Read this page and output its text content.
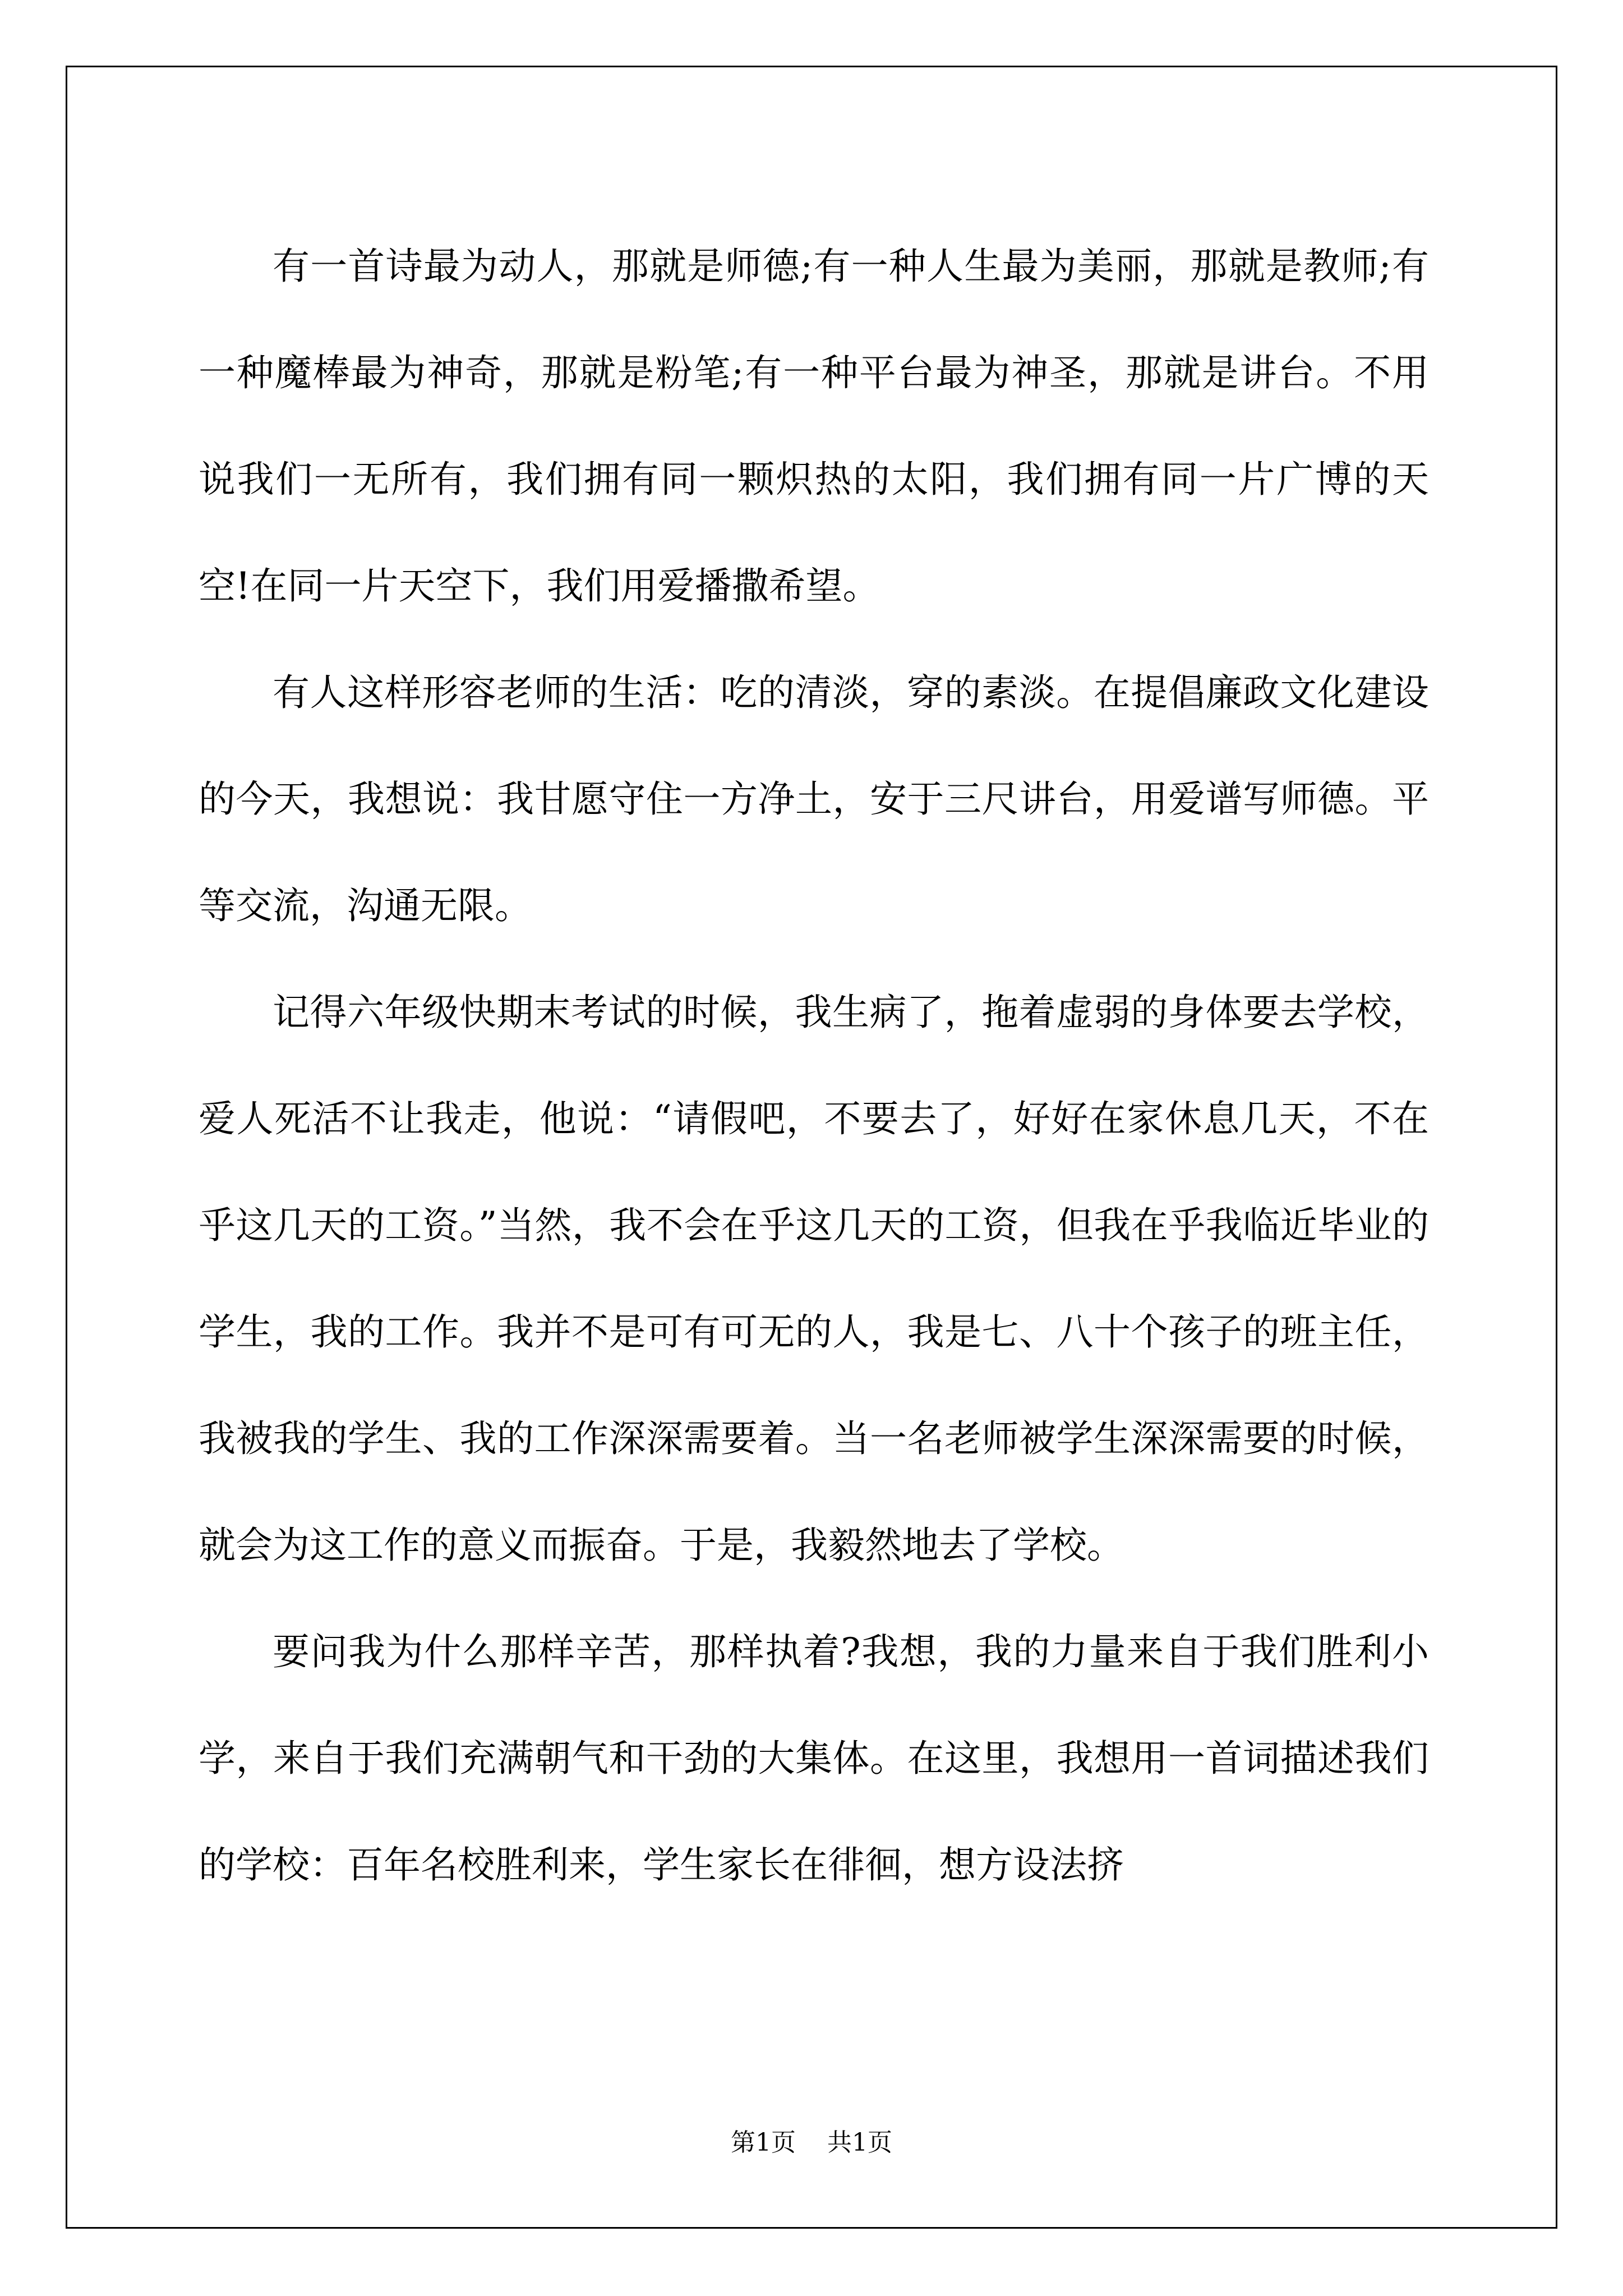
有一首诗最为动人，那就是师德;有一种人生最为美丽，那就是教师;有一种魔棒最为神奇，那就是粉笔;有一种平台最为神圣，那就是讲台。不用说我们一无所有，我们拥有同一颗炽热的太阳，我们拥有同一片广博的天空!在同一片天空下，我们用爱播撒希望。

有人这样形容老师的生活：吃的清淡，穿的素淡。在提倡廉政文化建设的今天，我想说：我甘愿守住一方净土，安于三尺讲台，用爱谱写师德。平等交流，沟通无限。

记得六年级快期末考试的时候，我生病了，拖着虚弱的身体要去学校，爱人死活不让我走，他说：“请假吧，不要去了，好好在家休息几天，不在乎这几天的工资。”当然，我不会在乎这几天的工资，但我在乎我临近毕业的学生，我的工作。我并不是可有可无的人，我是七、八十个孩子的班主任，我被我的学生、我的工作深深需要着。当一名老师被学生深深需要的时候，就会为这工作的意义而振奋。于是，我毅然地去了学校。

要问我为什么那样辛苦，那样执着?我想，我的力量来自于我们胜利小学，来自于我们充满朝气和干劲的大集体。在这里，我想用一首词描述我们的学校：百年名校胜利来，学生家长在徘徊，想方设法挤

第1页 共1页
